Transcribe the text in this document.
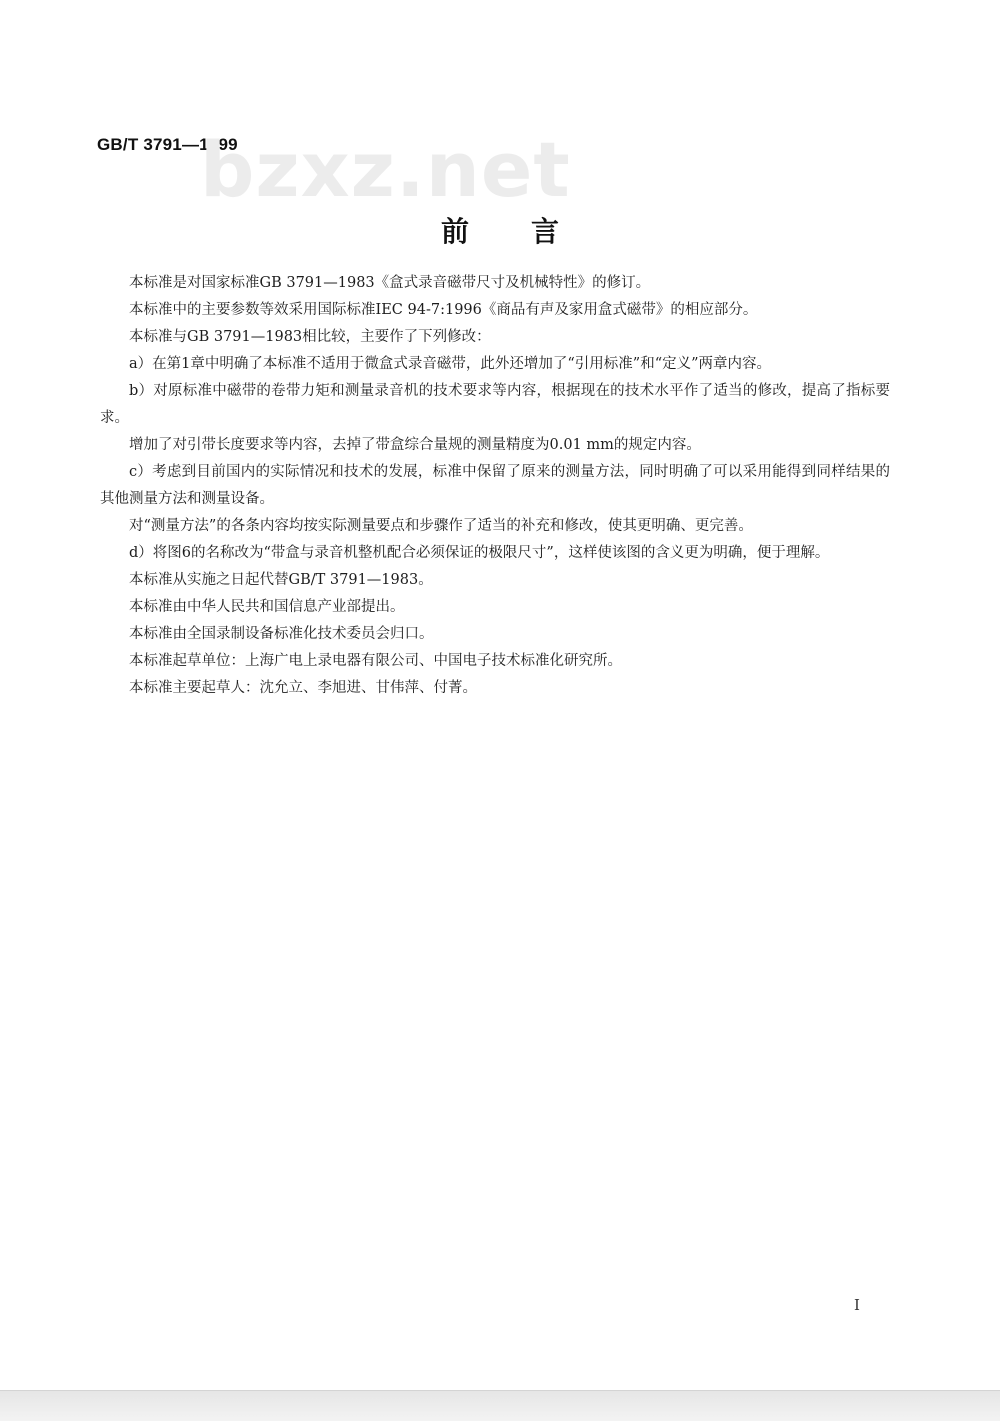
GB/T 3791—1999
bzxz.net
前言

本标准是对国家标准GB 3791—1983《盒式录音磁带尺寸及机械特性》的修订。

本标准中的主要参数等效采用国际标准IEC 94-7:1996《商品有声及家用盒式磁带》的相应部分。

本标准与GB 3791—1983相比较，主要作了下列修改：

a）在第1章中明确了本标准不适用于微盒式录音磁带，此外还增加了“引用标准”和“定义”两章内容。

b）对原标准中磁带的卷带力矩和测量录音机的技术要求等内容，根据现在的技术水平作了适当的修改，提高了指标要求。

增加了对引带长度要求等内容，去掉了带盒综合量规的测量精度为0.01 mm的规定内容。

c）考虑到目前国内的实际情况和技术的发展，标准中保留了原来的测量方法，同时明确了可以采用能得到同样结果的其他测量方法和测量设备。

对“测量方法”的各条内容均按实际测量要点和步骤作了适当的补充和修改，使其更明确、更完善。

d）将图6的名称改为“带盒与录音机整机配合必须保证的极限尺寸”，这样使该图的含义更为明确，便于理解。

本标准从实施之日起代替GB/T 3791—1983。

本标准由中华人民共和国信息产业部提出。

本标准由全国录制设备标准化技术委员会归口。

本标准起草单位：上海广电上录电器有限公司、中国电子技术标准化研究所。

本标准主要起草人：沈允立、李旭进、甘伟萍、付菁。

I
